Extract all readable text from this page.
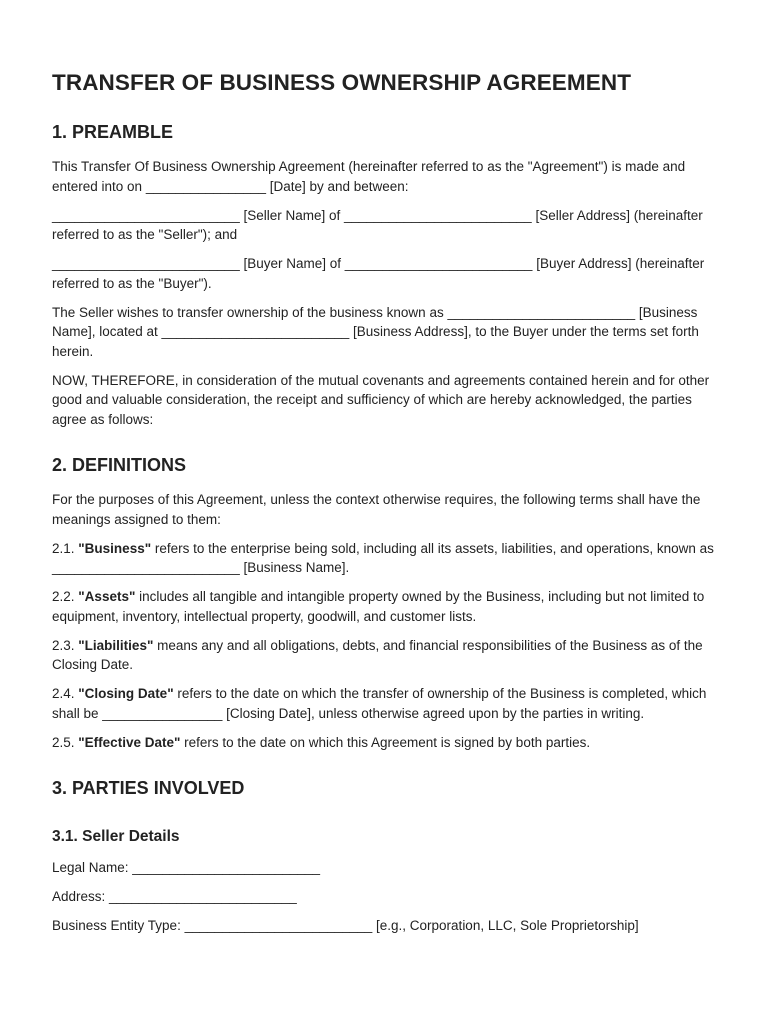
TRANSFER OF BUSINESS OWNERSHIP AGREEMENT
1. PREAMBLE

This Transfer Of Business Ownership Agreement (hereinafter referred to as the "Agreement") is made and entered into on ________________ [Date] by and between:

_________________________ [Seller Name] of _________________________ [Seller Address] (hereinafter referred to as the "Seller"); and

_________________________ [Buyer Name] of _________________________ [Buyer Address] (hereinafter referred to as the "Buyer").

The Seller wishes to transfer ownership of the business known as _________________________ [Business Name], located at _________________________ [Business Address], to the Buyer under the terms set forth herein.

NOW, THEREFORE, in consideration of the mutual covenants and agreements contained herein and for other good and valuable consideration, the receipt and sufficiency of which are hereby acknowledged, the parties agree as follows:

2. DEFINITIONS

For the purposes of this Agreement, unless the context otherwise requires, the following terms shall have the meanings assigned to them:

2.1. "Business" refers to the enterprise being sold, including all its assets, liabilities, and operations, known as _________________________ [Business Name].

2.2. "Assets" includes all tangible and intangible property owned by the Business, including but not limited to equipment, inventory, intellectual property, goodwill, and customer lists.

2.3. "Liabilities" means any and all obligations, debts, and financial responsibilities of the Business as of the Closing Date.

2.4. "Closing Date" refers to the date on which the transfer of ownership of the Business is completed, which shall be ________________ [Closing Date], unless otherwise agreed upon by the parties in writing.

2.5. "Effective Date" refers to the date on which this Agreement is signed by both parties.

3. PARTIES INVOLVED
3.1. Seller Details

Legal Name: _________________________

Address: _________________________

Business Entity Type: _________________________ [e.g., Corporation, LLC, Sole Proprietorship]
